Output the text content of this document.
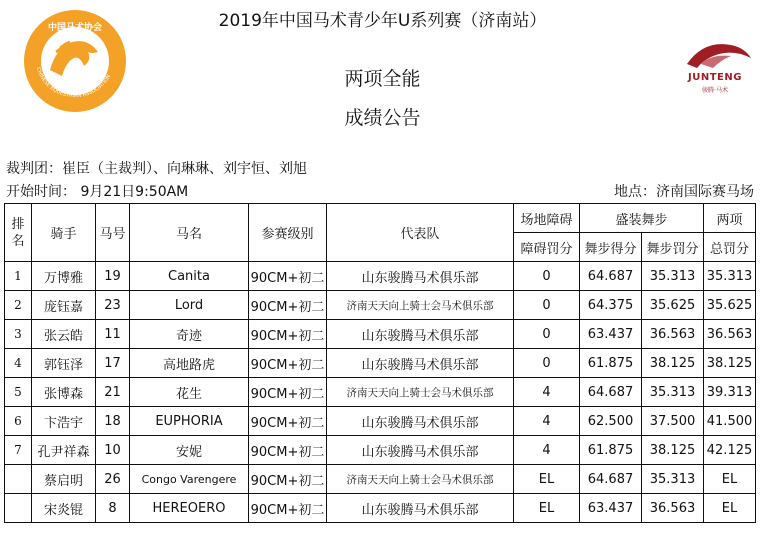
中国马术协会
CHINESE EQUESTRIAN ASSOCIATION	JUNTENG
骏腾·马术
2019年中国马术青少年U系列赛（济南站）
两项全能
成绩公告
裁判团：崔臣（主裁判）、向琳琳、刘宇恒、刘旭
开始时间： 9月21日9:50AM	地点：济南国际赛马场
排名	骑手	马号	马名	参赛级别	代表队	场地障碍	盛装舞步		两项
						障碍罚分	舞步得分	舞步罚分	总罚分
1	万博雅	19	Canita	90CM+初二	山东骏腾马术俱乐部	0	64.687	35.313	35.313
2	庞钰嘉	23	Lord	90CM+初二	济南天天向上骑士会马术俱乐部	0	64.375	35.625	35.625
3	张云皓	11	奇迹	90CM+初二	山东骏腾马术俱乐部	0	63.437	36.563	36.563
4	郭钰泽	17	高地路虎	90CM+初二	山东骏腾马术俱乐部	0	61.875	38.125	38.125
5	张博森	21	花生	90CM+初二	济南天天向上骑士会马术俱乐部	4	64.687	35.313	39.313
6	卞浩宇	18	EUPHORIA	90CM+初二	山东骏腾马术俱乐部	4	62.500	37.500	41.500
7	孔尹祥森	10	安妮	90CM+初二	山东骏腾马术俱乐部	4	61.875	38.125	42.125
	蔡启明	26	Congo Varengere	90CM+初二	济南天天向上骑士会马术俱乐部	EL	64.687	35.313	EL
	宋炎锟	8	HEREOERO	90CM+初二	山东骏腾马术俱乐部	EL	63.437	36.563	EL
